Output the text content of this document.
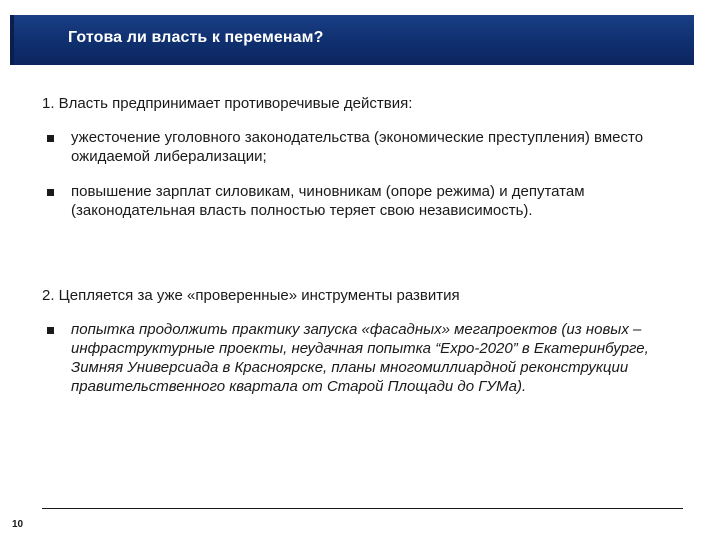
Готова ли власть к переменам?
1. Власть предпринимает противоречивые действия:
ужесточение уголовного законодательства (экономические преступления) вместо ожидаемой либерализации;
повышение зарплат силовикам, чиновникам (опоре режима) и депутатам (законодательная власть полностью теряет свою независимость).
2. Цепляется за уже «проверенные» инструменты развития
попытка продолжить практику запуска «фасадных» мегапроектов (из новых – инфраструктурные проекты, неудачная попытка “Expo-2020” в Екатеринбурге, Зимняя Универсиада в Красноярске, планы многомиллиардной реконструкции правительственного квартала от Старой Площади до ГУМа).
10
